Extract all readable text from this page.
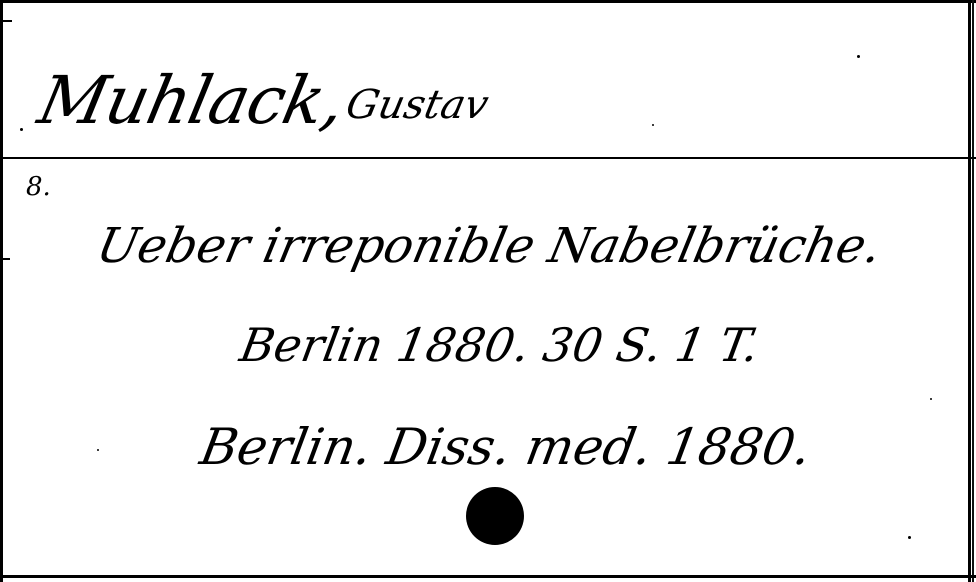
Muhlack,

Gustav

8.

Ueber irreponible Nabelbrüche.

Berlin 1880. 30 S. 1 T.

Berlin. Diss. med. 1880.
